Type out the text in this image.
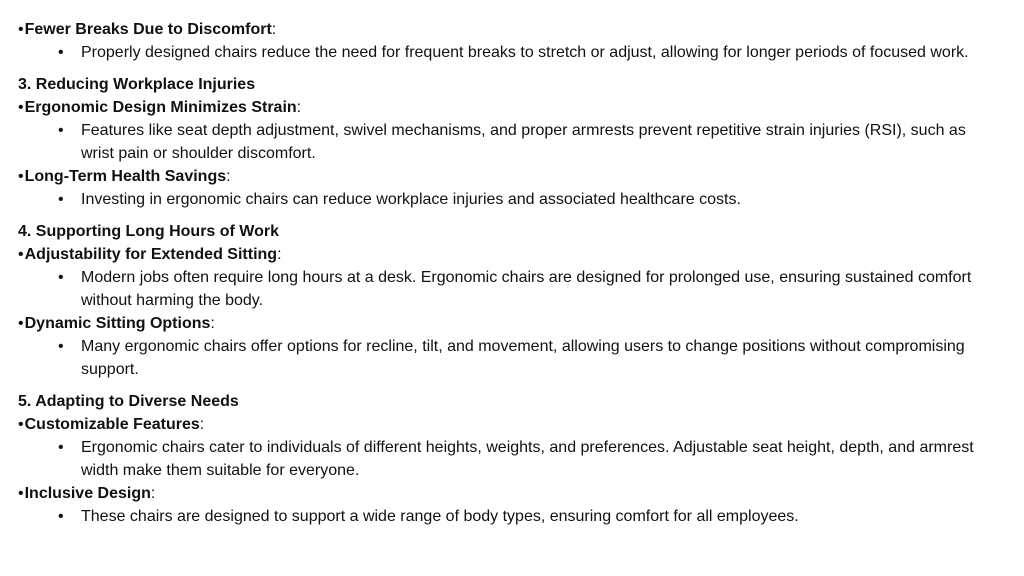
•Fewer Breaks Due to Discomfort:

• Properly designed chairs reduce the need for frequent breaks to stretch or adjust, allowing for longer periods of focused work.

3. Reducing Workplace Injuries

•Ergonomic Design Minimizes Strain:

• Features like seat depth adjustment, swivel mechanisms, and proper armrests prevent repetitive strain injuries (RSI), such as wrist pain or shoulder discomfort.

•Long-Term Health Savings:

• Investing in ergonomic chairs can reduce workplace injuries and associated healthcare costs.

4. Supporting Long Hours of Work

•Adjustability for Extended Sitting:

• Modern jobs often require long hours at a desk. Ergonomic chairs are designed for prolonged use, ensuring sustained comfort without harming the body.

•Dynamic Sitting Options:

• Many ergonomic chairs offer options for recline, tilt, and movement, allowing users to change positions without compromising support.

5. Adapting to Diverse Needs

•Customizable Features:

• Ergonomic chairs cater to individuals of different heights, weights, and preferences. Adjustable seat height, depth, and armrest width make them suitable for everyone.

•Inclusive Design:

• These chairs are designed to support a wide range of body types, ensuring comfort for all employees.
